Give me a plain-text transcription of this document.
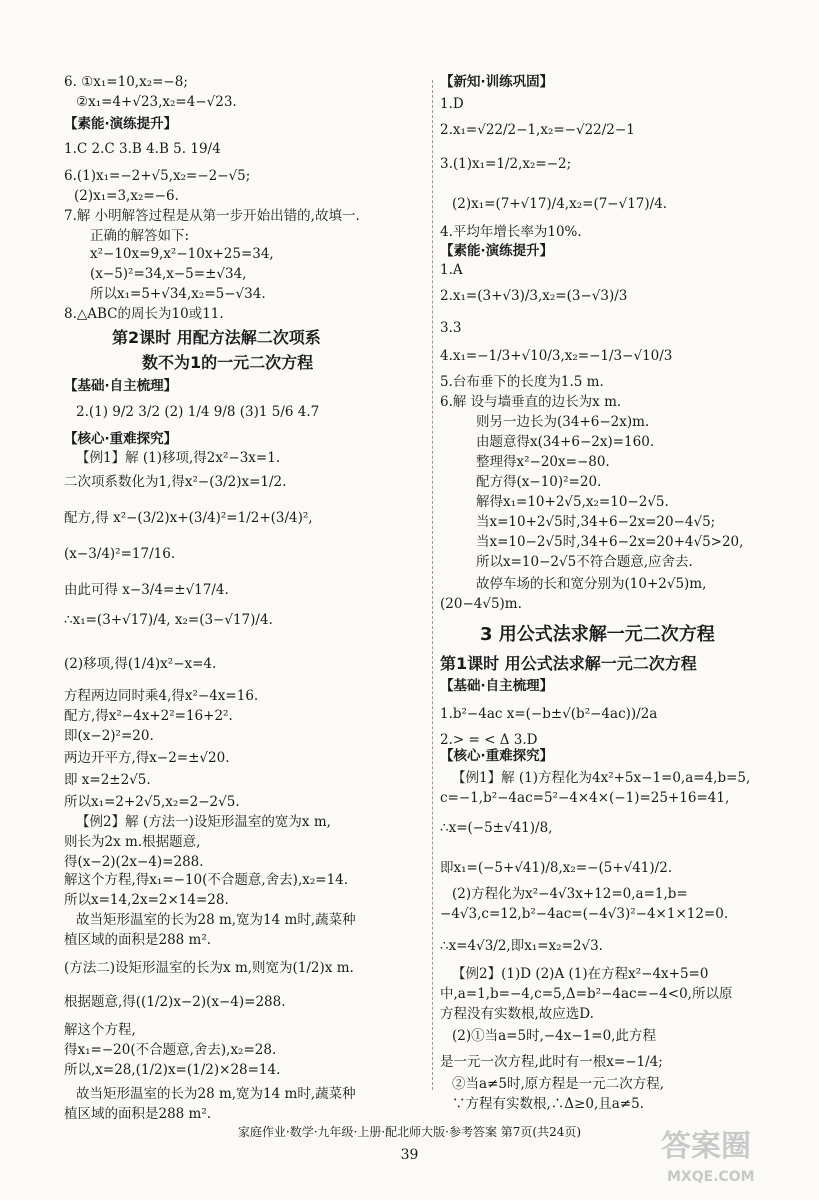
6. ①x₁=10,x₂=−8;
②x₁=4+√23,x₂=4−√23.
【素能·演练提升】
1.C 2.C 3.B 4.B 5. 19/4
6.(1)x₁=−2+√5,x₂=−2−√5;
(2)x₁=3,x₂=−6.
7.解 小明解答过程是从第一步开始出错的,故填一.
正确的解答如下:
x²−10x=9,x²−10x+25=34,
(x−5)²=34,x−5=±√34,
所以x₁=5+√34,x₂=5−√34.
8.△ABC的周长为10或11.
第2课时 用配方法解二次项系
数不为1的一元二次方程
【基础·自主梳理】
2.(1) 9/2 3/2 (2) 1/4 9/8 (3)1 5/6 4.7
【核心·重难探究】
【例1】解 (1)移项,得2x²−3x=1.
二次项系数化为1,得x²−(3/2)x=1/2.
配方,得 x²−(3/2)x+(3/4)²=1/2+(3/4)²,
(x−3/4)²=17/16.
由此可得 x−3/4=±√17/4.
∴x₁=(3+√17)/4, x₂=(3−√17)/4.
(2)移项,得(1/4)x²−x=4.
方程两边同时乘4,得x²−4x=16.
配方,得x²−4x+2²=16+2².
即(x−2)²=20.
两边开平方,得x−2=±√20.
即 x=2±2√5.
所以x₁=2+2√5,x₂=2−2√5.
【例2】解 (方法一)设矩形温室的宽为x m,
则长为2x m.根据题意,
得(x−2)(2x−4)=288.
解这个方程,得x₁=−10(不合题意,舍去),x₂=14.
所以x=14,2x=2×14=28.
故当矩形温室的长为28 m,宽为14 m时,蔬菜种
植区域的面积是288 m².
(方法二)设矩形温室的长为x m,则宽为(1/2)x m.
根据题意,得((1/2)x−2)(x−4)=288.
解这个方程,
得x₁=−20(不合题意,舍去),x₂=28.
所以,x=28,(1/2)x=(1/2)×28=14.
故当矩形温室的长为28 m,宽为14 m时,蔬菜种
植区域的面积是288 m².
【新知·训练巩固】
1.D
2.x₁=√22/2−1,x₂=−√22/2−1
3.(1)x₁=1/2,x₂=−2;
(2)x₁=(7+√17)/4,x₂=(7−√17)/4.
4.平均年增长率为10%.
【素能·演练提升】
1.A
2.x₁=(3+√3)/3,x₂=(3−√3)/3
3.3
4.x₁=−1/3+√10/3,x₂=−1/3−√10/3
5.台布垂下的长度为1.5 m.
6.解 设与墙垂直的边长为x m.
则另一边长为(34+6−2x)m.
由题意得x(34+6−2x)=160.
整理得x²−20x=−80.
配方得(x−10)²=20.
解得x₁=10+2√5,x₂=10−2√5.
当x=10+2√5时,34+6−2x=20−4√5;
当x=10−2√5时,34+6−2x=20+4√5>20,
所以x=10−2√5不符合题意,应舍去.
故停车场的长和宽分别为(10+2√5)m,
(20−4√5)m.
3 用公式法求解一元二次方程
第1课时 用公式法求解一元二次方程
【基础·自主梳理】
1.b²−4ac x=(−b±√(b²−4ac))/2a
2.> = < Δ 3.D
【核心·重难探究】
【例1】解 (1)方程化为4x²+5x−1=0,a=4,b=5,
c=−1,b²−4ac=5²−4×4×(−1)=25+16=41,
∴x=(−5±√41)/8,
即x₁=(−5+√41)/8,x₂=−(5+√41)/2.
(2)方程化为x²−4√3x+12=0,a=1,b=
−4√3,c=12,b²−4ac=(−4√3)²−4×1×12=0.
∴x=4√3/2,即x₁=x₂=2√3.
【例2】(1)D (2)A (1)在方程x²−4x+5=0
中,a=1,b=−4,c=5,Δ=b²−4ac=−4<0,所以原
方程没有实数根,故应选D.
(2)①当a=5时,−4x−1=0,此方程
是一元一次方程,此时有一根x=−1/4;
②当a≠5时,原方程是一元二次方程,
∵方程有实数根,∴Δ≥0,且a≠5.
家庭作业·数学·九年级·上册·配北师大版·参考答案 第7页(共24页)
39	答案圈
MXQE.COM
